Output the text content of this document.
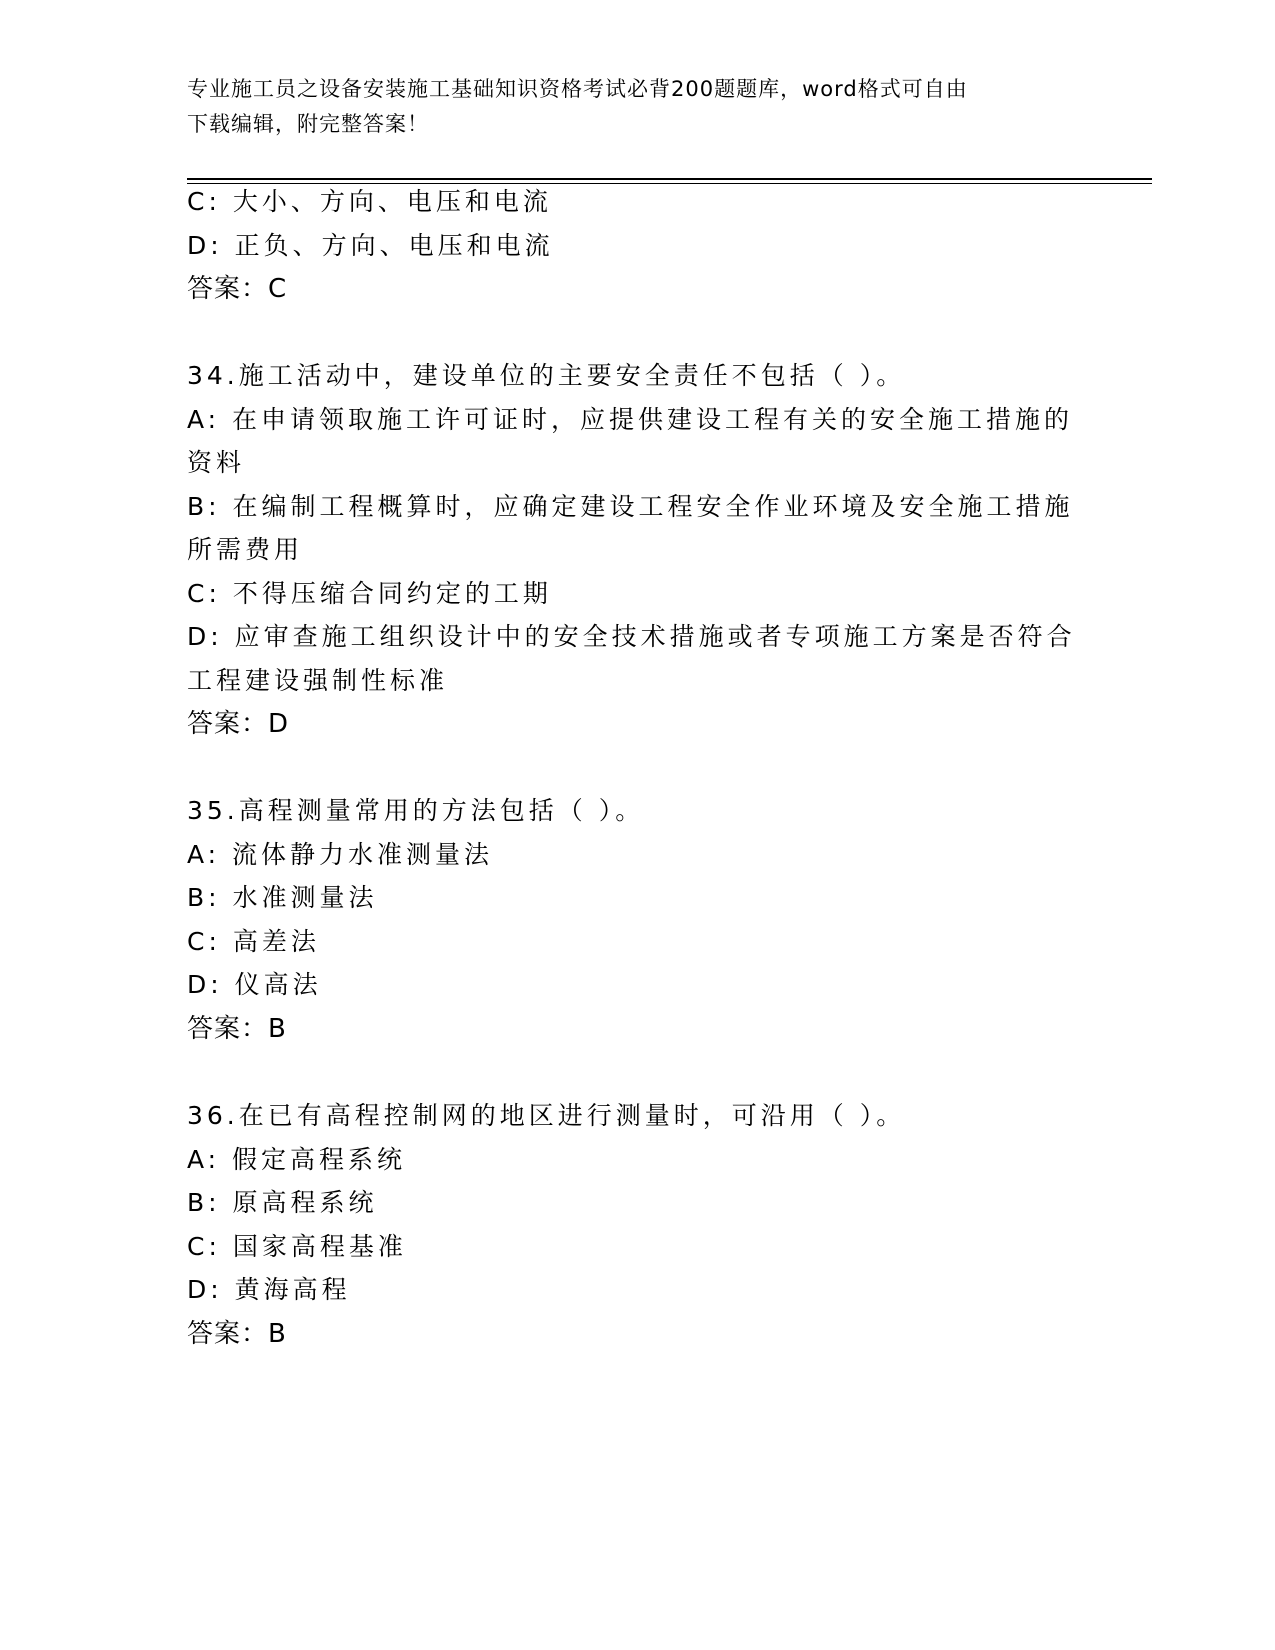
专业施工员之设备安装施工基础知识资格考试必背200题题库，word格式可自由
下载编辑，附完整答案！
C: 大小、方向、电压和电流
D: 正负、方向、电压和电流
答案：C
34.施工活动中，建设单位的主要安全责任不包括（ ）。
A: 在申请领取施工许可证时，应提供建设工程有关的安全施工措施的
资料
B: 在编制工程概算时，应确定建设工程安全作业环境及安全施工措施
所需费用
C: 不得压缩合同约定的工期
D: 应审查施工组织设计中的安全技术措施或者专项施工方案是否符合
工程建设强制性标准
答案：D
35.高程测量常用的方法包括（ ）。
A: 流体静力水准测量法
B: 水准测量法
C: 高差法
D: 仪高法
答案：B
36.在已有高程控制网的地区进行测量时，可沿用（ ）。
A: 假定高程系统
B: 原高程系统
C: 国家高程基准
D: 黄海高程
答案：B
